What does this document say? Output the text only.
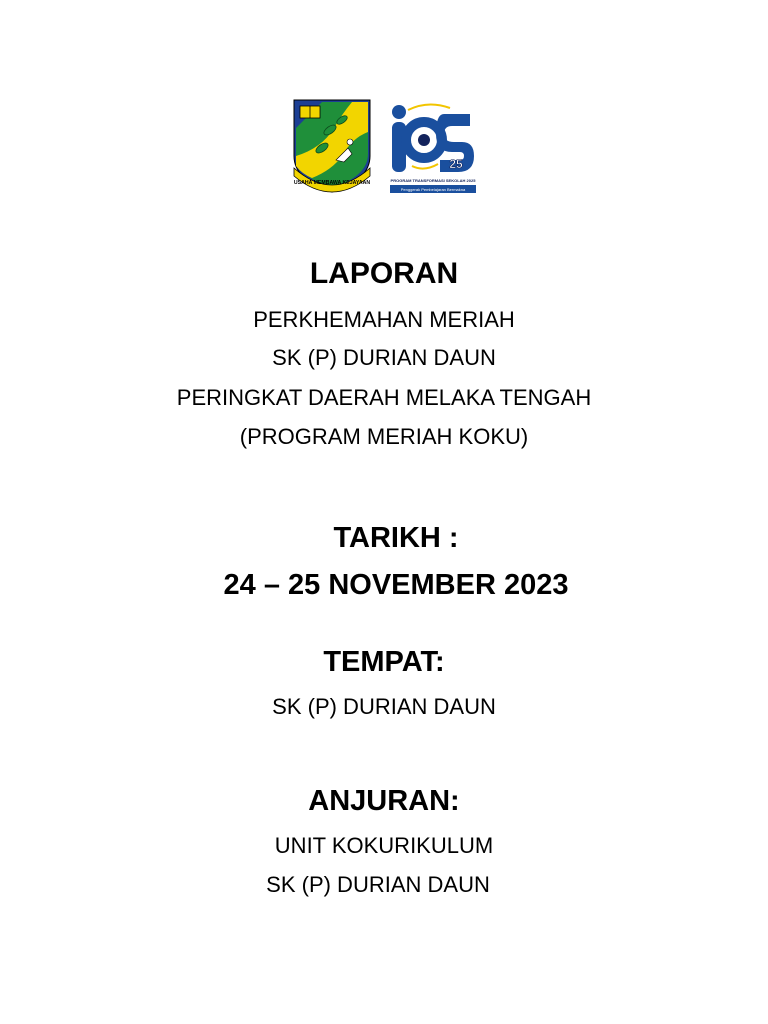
USAHA MEMBAWA KEJAYAAN
25
PROGRAM TRANSFORMASI SEKOLAH 2025
Penggerak Pembelajaran Bermakna
LAPORAN
PERKHEMAHAN MERIAH
SK (P) DURIAN DAUN
PERINGKAT DAERAH MELAKA TENGAH
(PROGRAM MERIAH KOKU)
TARIKH :
24 – 25 NOVEMBER 2023
TEMPAT:
SK (P) DURIAN DAUN
ANJURAN:
UNIT KOKURIKULUM
SK (P) DURIAN DAUN
